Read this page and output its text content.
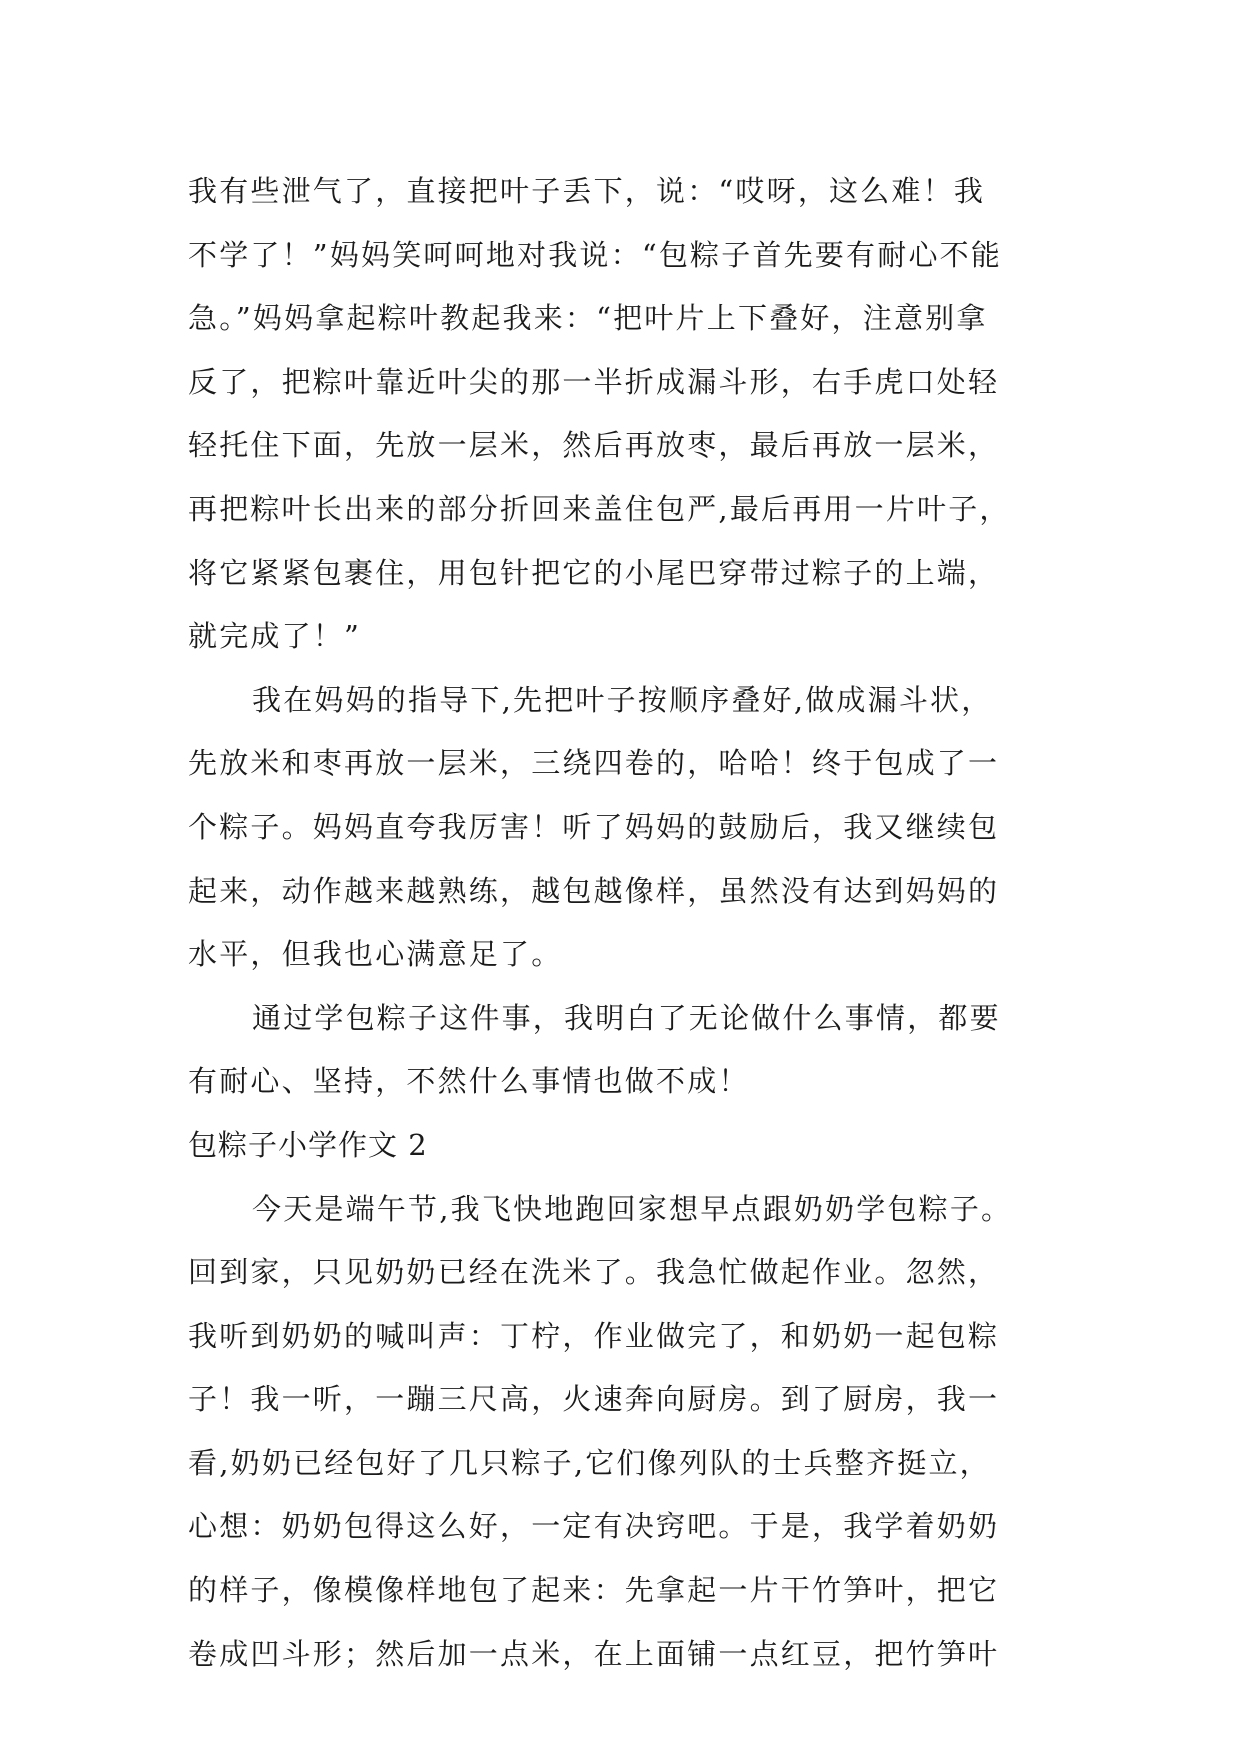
我有些泄气了，直接把叶子丢下，说：“哎呀，这么难！我
不学了！”妈妈笑呵呵地对我说：“包粽子首先要有耐心不能
急。”妈妈拿起粽叶教起我来：“把叶片上下叠好，注意别拿
反了，把粽叶靠近叶尖的那一半折成漏斗形，右手虎口处轻
轻托住下面，先放一层米，然后再放枣，最后再放一层米，
再把粽叶长出来的部分折回来盖住包严,最后再用一片叶子，
将它紧紧包裹住，用包针把它的小尾巴穿带过粽子的上端，
就完成了！”
我在妈妈的指导下,先把叶子按顺序叠好,做成漏斗状，
先放米和枣再放一层米，三绕四卷的，哈哈！终于包成了一
个粽子。妈妈直夸我厉害！听了妈妈的鼓励后，我又继续包
起来，动作越来越熟练，越包越像样，虽然没有达到妈妈的
水平，但我也心满意足了。
通过学包粽子这件事，我明白了无论做什么事情，都要
有耐心、坚持，不然什么事情也做不成！
包粽子小学作文 2
今天是端午节,我飞快地跑回家想早点跟奶奶学包粽子。
回到家，只见奶奶已经在洗米了。我急忙做起作业。忽然，
我听到奶奶的喊叫声：丁柠，作业做完了，和奶奶一起包粽
子！我一听，一蹦三尺高，火速奔向厨房。到了厨房，我一
看,奶奶已经包好了几只粽子,它们像列队的士兵整齐挺立，
心想：奶奶包得这么好，一定有决窍吧。于是，我学着奶奶
的样子，像模像样地包了起来：先拿起一片干竹笋叶，把它
卷成凹斗形；然后加一点米，在上面铺一点红豆，把竹笋叶
